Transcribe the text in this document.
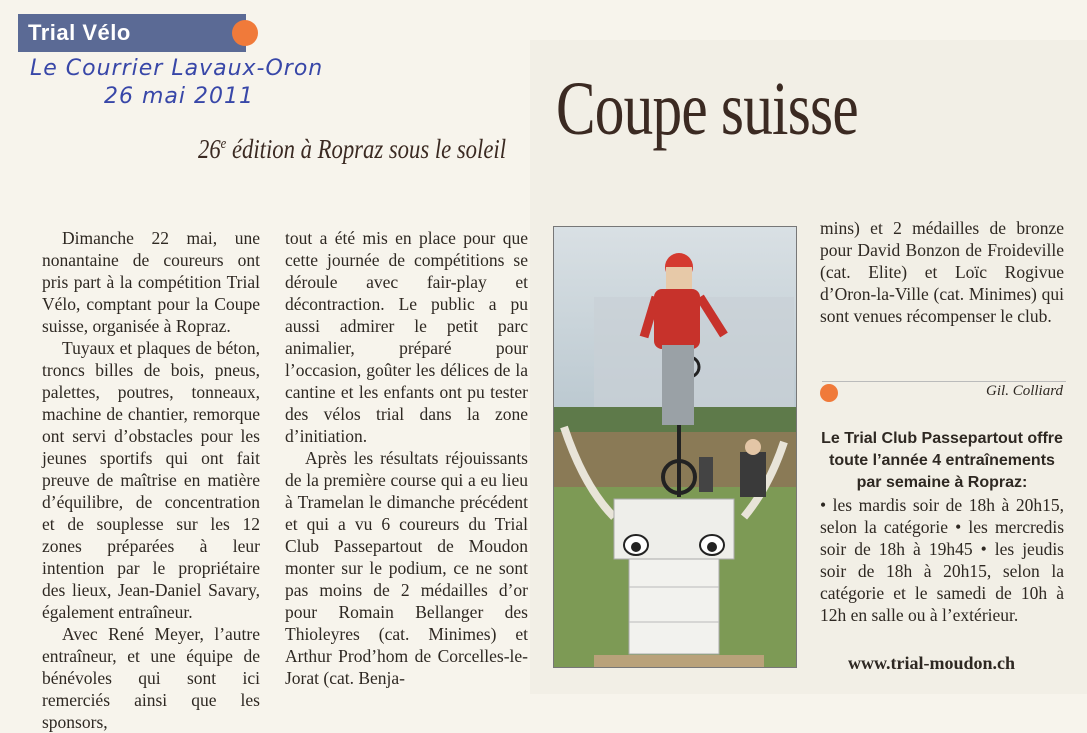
Trial Vélo
Le Courrier Lavaux-Oron
26 mai 2011	Coupe suisse
26e édition à Ropraz sous le soleil

Dimanche 22 mai, une nonantaine de coureurs ont pris part à la compétition Trial Vélo, comptant pour la Coupe suisse, organisée à Ropraz.

Tuyaux et plaques de béton, troncs billes de bois, pneus, palettes, poutres, tonneaux, machine de chantier, remorque ont servi d’obstacles pour les jeunes sportifs qui ont fait preuve de maîtrise en matière d’équilibre, de concentration et de souplesse sur les 12 zones préparées à leur intention par le propriétaire des lieux, Jean-Daniel Savary, également entraîneur.

Avec René Meyer, l’autre entraîneur, et une équipe de bénévoles qui sont ici remerciés ainsi que les sponsors,

tout a été mis en place pour que cette journée de compétitions se déroule avec fair-play et décontraction. Le public a pu aussi admirer le petit parc animalier, préparé pour l’occasion, goûter les délices de la cantine et les enfants ont pu tester des vélos trial dans la zone d’initiation.

Après les résultats réjouissants de la première course qui a eu lieu à Tramelan le dimanche précédent et qui a vu 6 coureurs du Trial Club Passepartout de Moudon monter sur le podium, ce ne sont pas moins de 2 médailles d’or pour Romain Bellanger des Thioleyres (cat. Minimes) et Arthur Prod’hom de Corcelles-le-Jorat (cat. Benja-

mins) et 2 médailles de bronze pour David Bonzon de Froideville (cat. Elite) et Loïc Rogivue d’Oron-la-Ville (cat. Minimes) qui sont venues récompenser le club.

Gil. Colliard
Le Trial Club Passepartout offre toute l’année 4 entraînements par semaine à Ropraz:
• les mardis soir de 18h à 20h15, selon la catégorie • les mercredis soir de 18h à 19h45 • les jeudis soir de 18h à 20h15, selon la catégorie et le samedi de 10h à 12h en salle ou à l’extérieur.
www.trial-moudon.ch
